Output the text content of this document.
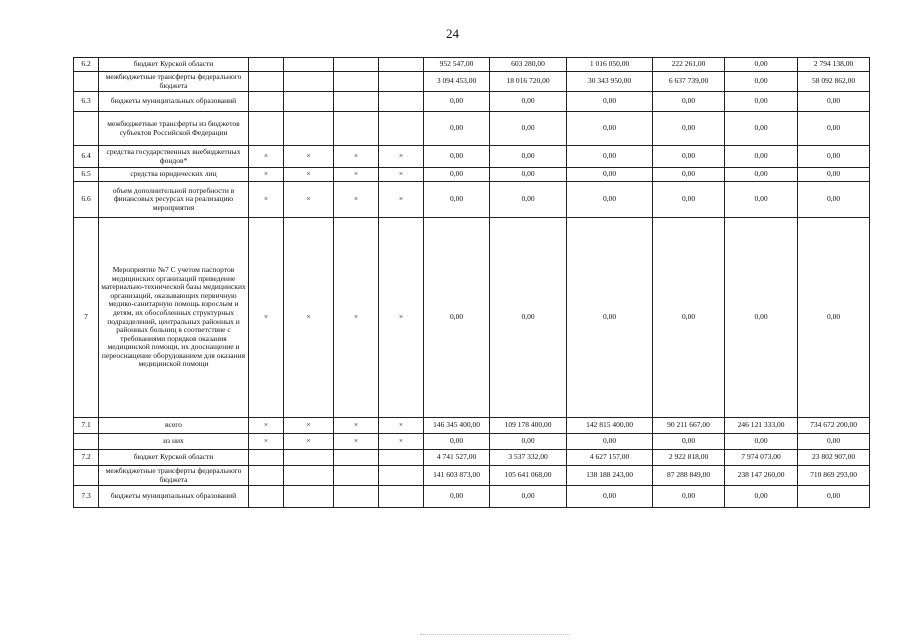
24
6.2	бюджет Курской области					952 547,00	603 280,00	1 016 050,00	222 261,00	0,00	2 794 138,00
	межбюджетные трансферты федерального бюджета					3 094 453,00	18 016 720,00	30 343 950,00	6 637 739,00	0,00	58 092 862,00
6.3	бюджеты муниципальных образований					0,00	0,00	0,00	0,00	0,00	0,00
	межбюджетные трансферты из бюджетов субъектов Российской Федерации					0,00	0,00	0,00	0,00	0,00	0,00
6.4	средства государственных внебюджетных фондов*	×	×	×	×	0,00	0,00	0,00	0,00	0,00	0,00
6.5	средства юридических лиц	×	×	×	×	0,00	0,00	0,00	0,00	0,00	0,00
6.6	объем дополнительной потребности в финансовых ресурсах на реализацию мероприятия	×	×	×	×	0,00	0,00	0,00	0,00	0,00	0,00
7	Мероприятие №7 С учетом паспортов медицинских организаций приведение материально-технической базы медицинских организаций, оказывающих первичную медико-санитарную помощь взрослым и детям, их обособленных структурных подразделений, центральных районных и районных больниц в соответствие с требованиями порядков оказания медицинской помощи, их дооснащение и переоснащение оборудованием для оказания медицинской помощи	×	×	×	×	0,00	0,00	0,00	0,00	0,00	0,00
7.1	всего	×	×	×	×	146 345 400,00	109 178 400,00	142 815 400,00	90 211 667,00	246 121 333,00	734 672 200,00
	из них	×	×	×	×	0,00	0,00	0,00	0,00	0,00	0,00
7.2	бюджет Курской области					4 741 527,00	3 537 332,00	4 627 157,00	2 922 818,00	7 974 073,00	23 802 907,00
	межбюджетные трансферты федерального бюджета					141 603 873,00	105 641 068,00	138 188 243,00	87 288 849,00	238 147 260,00	710 869 293,00
7.3	бюджеты муниципальных образований					0,00	0,00	0,00	0,00	0,00	0,00
